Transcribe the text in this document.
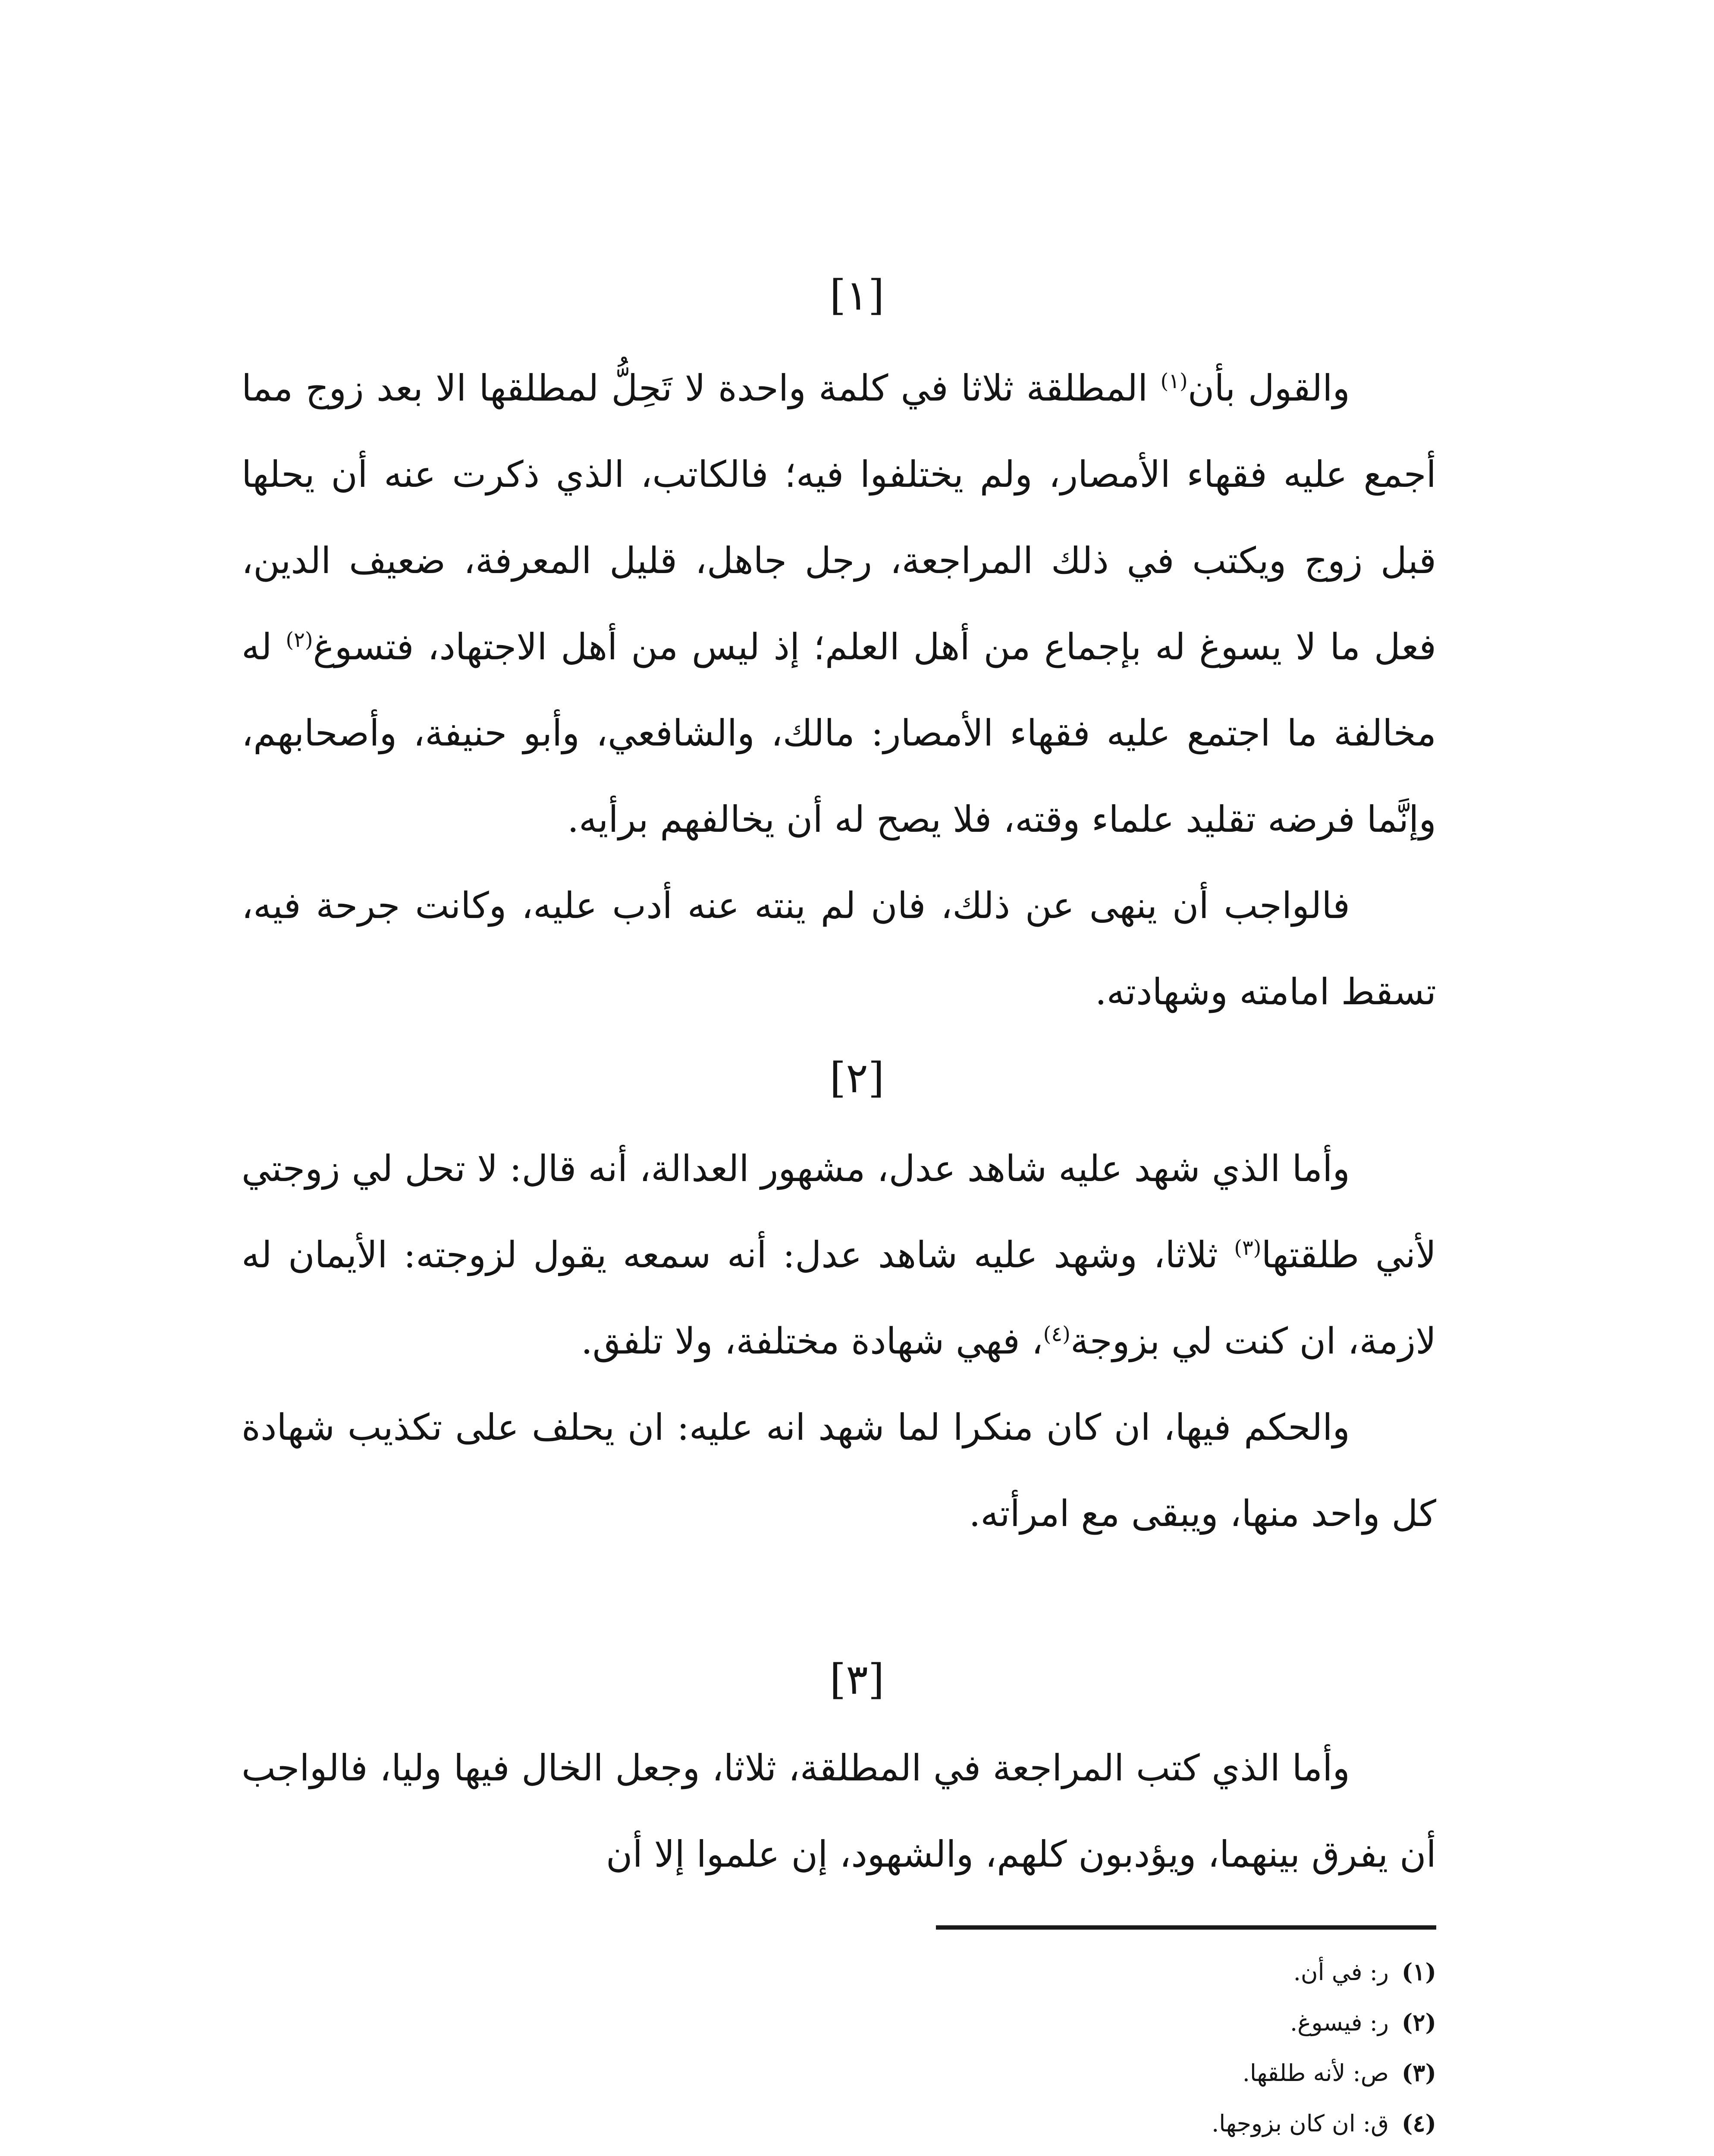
[١]

والقول بأن$^{(١)}$ المطلقة ثلاثا في كلمة واحدة لا تَحِلُّ لمطلقها الا بعد زوج مما أجمع عليه فقهاء الأمصار، ولم يختلفوا فيه؛ فالكاتب، الذي ذكرت عنه أن يحلها قبل زوج ويكتب في ذلك المراجعة، رجل جاهل، قليل المعرفة، ضعيف الدين، فعل ما لا يسوغ له بإجماع من أهل العلم؛ إذ ليس من أهل الاجتهاد، فتسوغ$^{(٢)}$ له مخالفة ما اجتمع عليه فقهاء الأمصار: مالك، والشافعي، وأبو حنيفة، وأصحابهم، وإنَّما فرضه تقليد علماء وقته، فلا يصح له أن يخالفهم برأيه.

فالواجب أن ينهى عن ذلك، فان لم ينته عنه أدب عليه، وكانت جرحة فيه، تسقط امامته وشهادته.

[٢]

وأما الذي شهد عليه شاهد عدل، مشهور العدالة، أنه قال: لا تحل لي زوجتي لأني طلقتها$^{(٣)}$ ثلاثا، وشهد عليه شاهد عدل: أنه سمعه يقول لزوجته: الأيمان له لازمة، ان كنت لي بزوجة$^{(٤)}$، فهي شهادة مختلفة، ولا تلفق.

والحكم فيها، ان كان منكرا لما شهد انه عليه: ان يحلف على تكذيب شهادة كل واحد منها، ويبقى مع امرأته.

[٣]

وأما الذي كتب المراجعة في المطلقة، ثلاثا، وجعل الخال فيها وليا، فالواجب أن يفرق بينهما، ويؤدبون كلهم، والشهود، إن علموا إلا أن

(١)
ر: في أن.
(٢)
ر: فيسوغ.
(٣)
ص: لأنه طلقها.
(٤)
ق: ان كان بزوجها.
